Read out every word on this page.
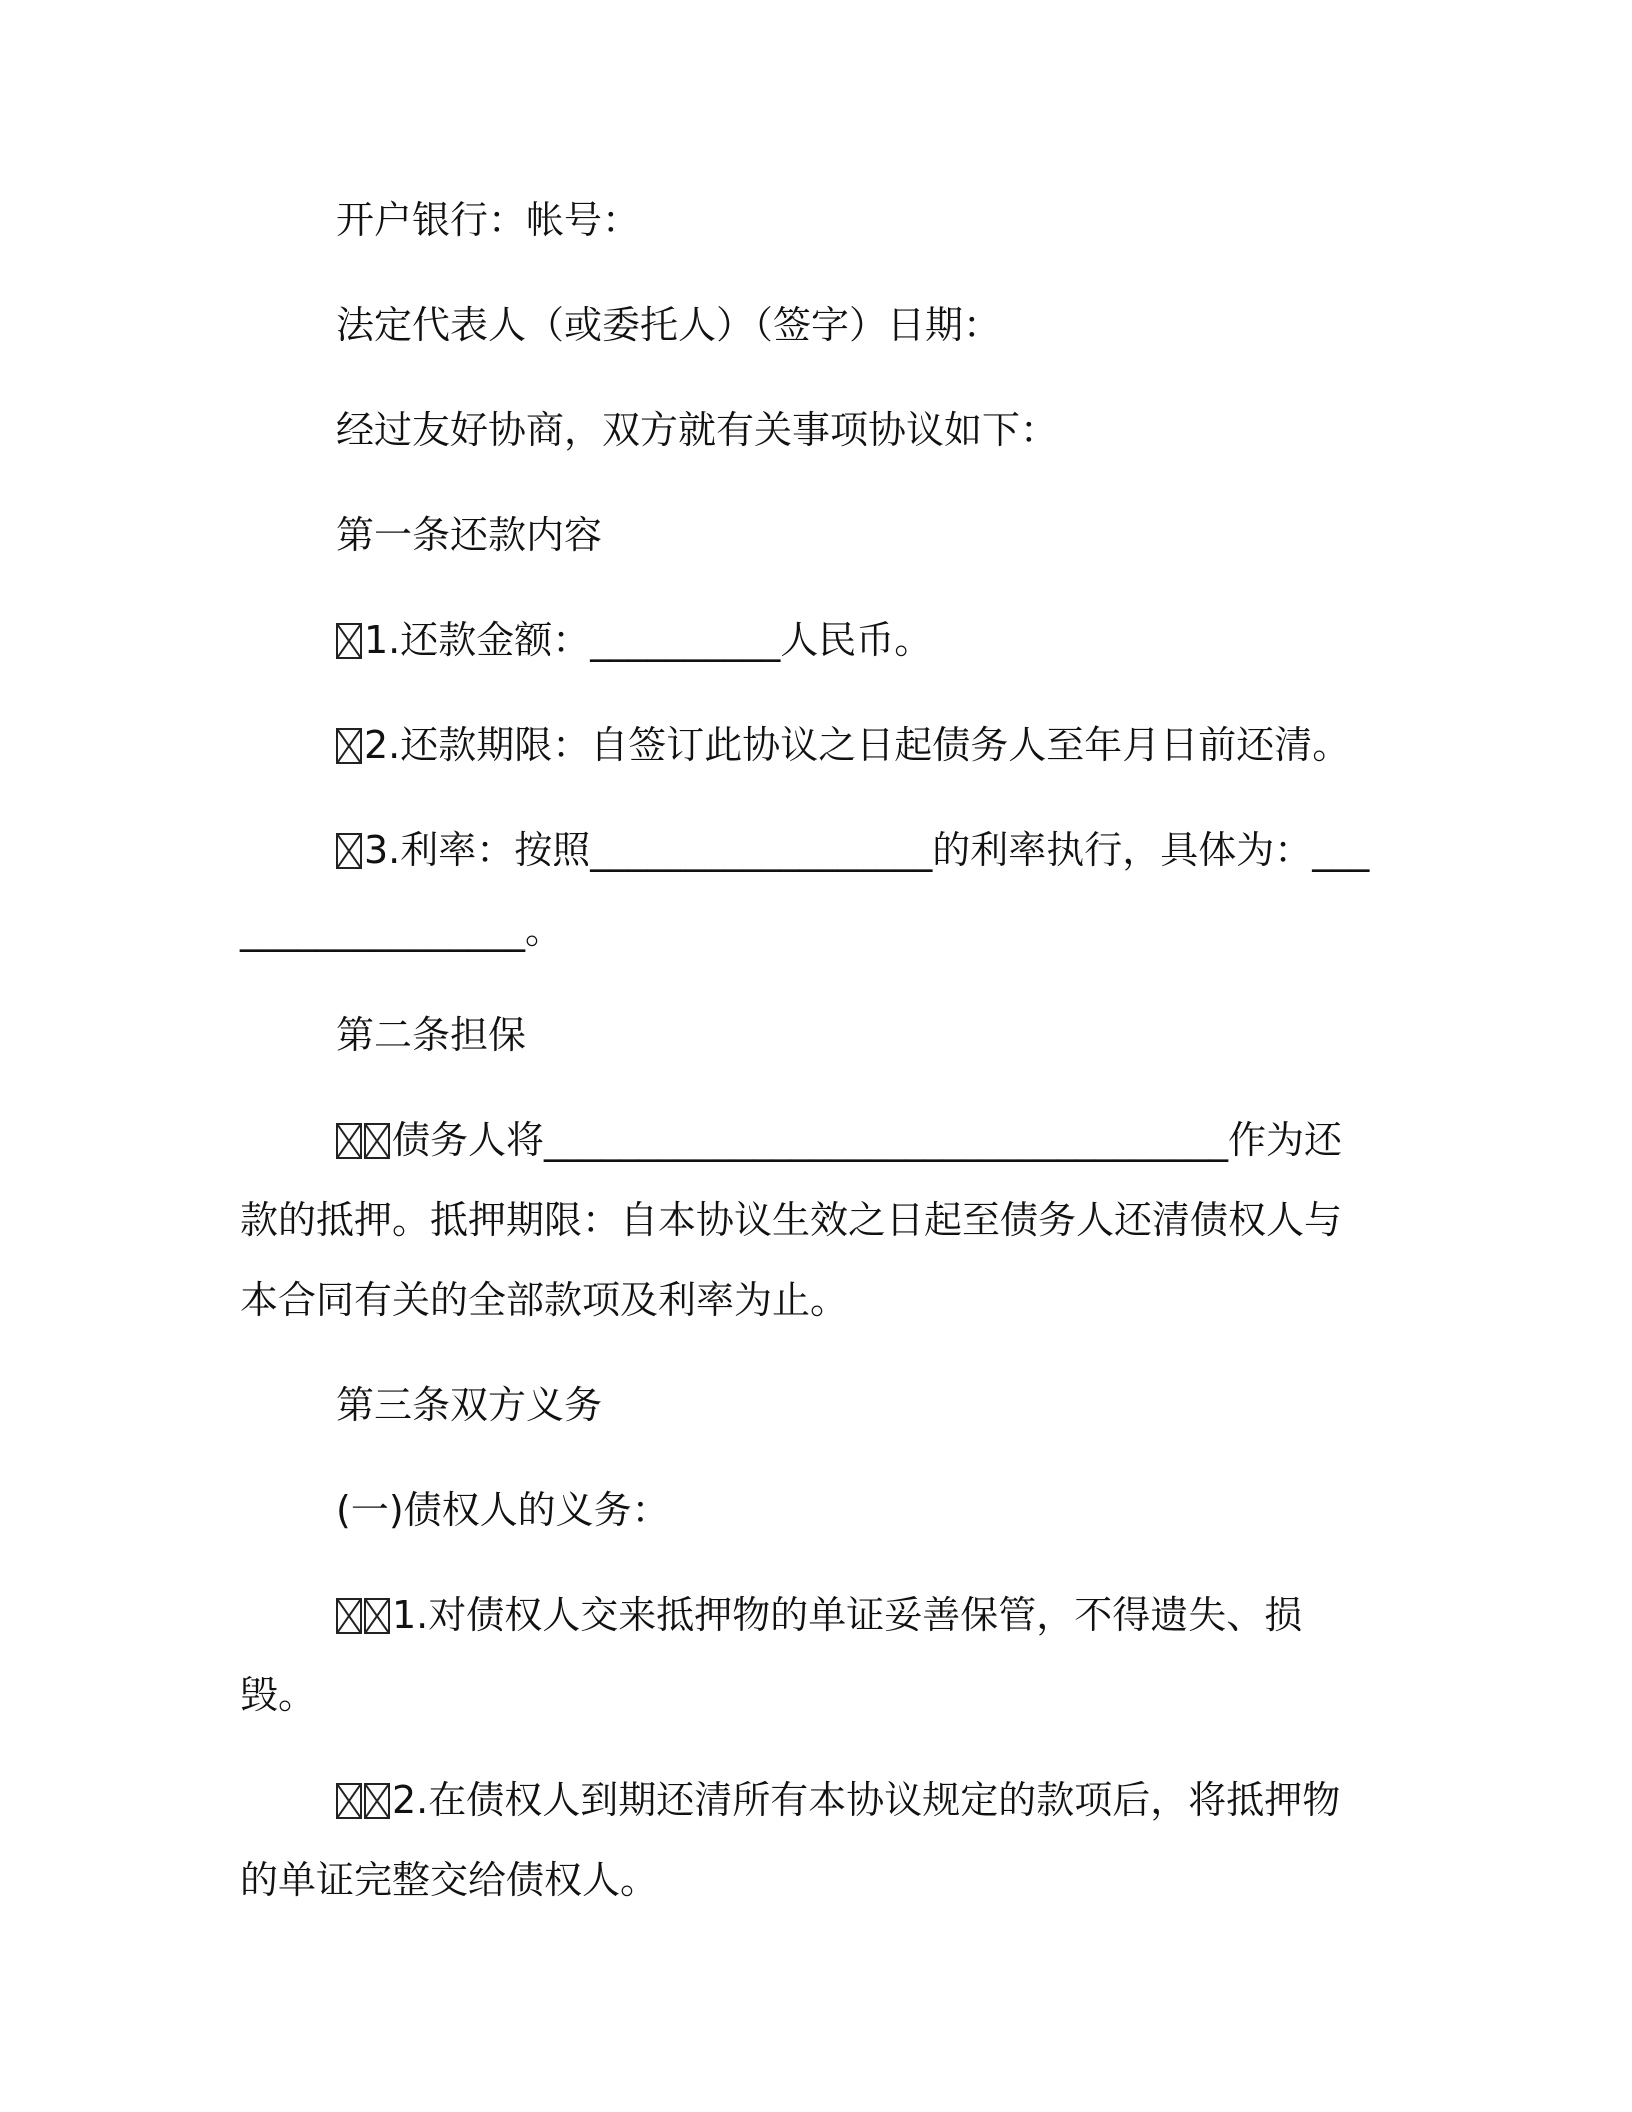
开户银行：帐号：

法定代表人（或委托人）（签字）日期：

经过友好协商，双方就有关事项协议如下：

第一条还款内容

1.还款金额：__________人民币。

2.还款期限：自签订此协议之日起债务人至年月日前还清。

3.利率：按照__________________的利率执行，具体为：__________________。

第二条担保

债务人将____________________________________作为还款的抵押。抵押期限：自本协议生效之日起至债务人还清债权人与本合同有关的全部款项及利率为止。

第三条双方义务

(一)债权人的义务：

1.对债权人交来抵押物的单证妥善保管，不得遗失、损毁。

2.在债权人到期还清所有本协议规定的款项后，将抵押物的单证完整交给债权人。
